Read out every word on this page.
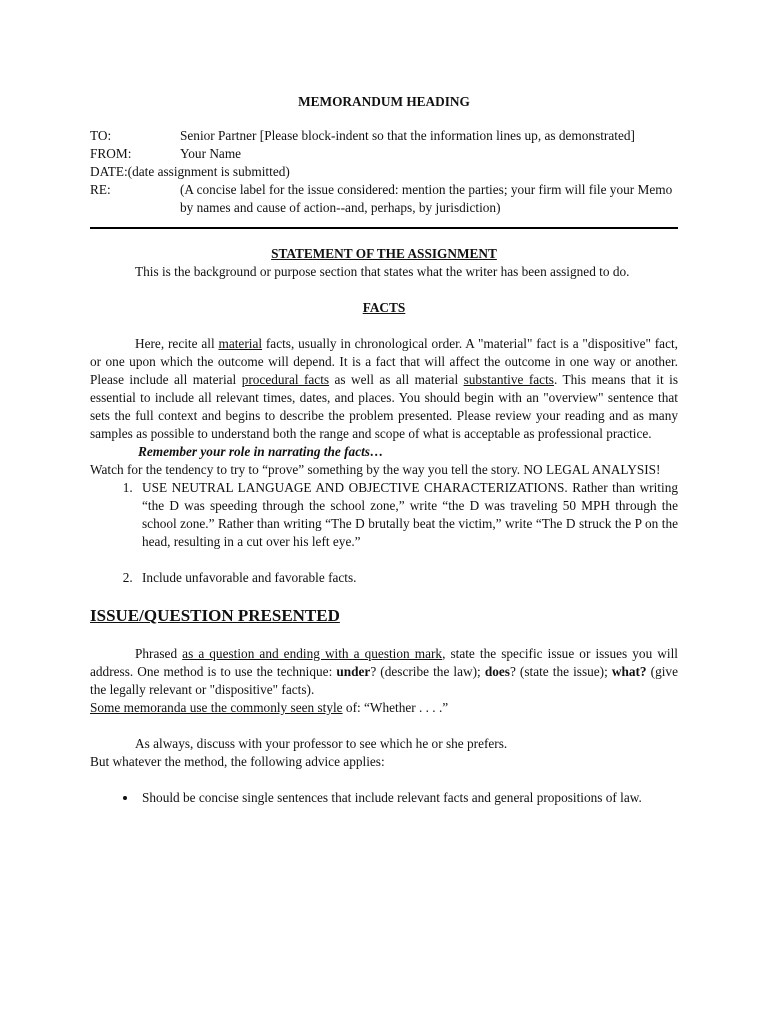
MEMORANDUM HEADING

TO:	Senior Partner [Please block-indent so that the information lines up, as demonstrated]

FROM:	Your Name

DATE:(date assignment is submitted)

RE:	(A concise label for the issue considered: mention the parties; your firm will file your Memo by names and cause of action--and, perhaps, by jurisdiction)

STATEMENT OF THE ASSIGNMENT

This is the background or purpose section that states what the writer has been assigned to do.

FACTS

Here, recite all material facts, usually in chronological order. A "material" fact is a "dispositive" fact, or one upon which the outcome will depend. It is a fact that will affect the outcome in one way or another. Please include all material procedural facts as well as all material substantive facts. This means that it is essential to include all relevant times, dates, and places. You should begin with an "overview" sentence that sets the full context and begins to describe the problem presented. Please review your reading and as many samples as possible to understand both the range and scope of what is acceptable as professional practice.

Remember your role in narrating the facts…

Watch for the tendency to try to “prove” something by the way you tell the story. NO LEGAL ANALYSIS!

1. USE NEUTRAL LANGUAGE AND OBJECTIVE CHARACTERIZATIONS. Rather than writing “the D was speeding through the school zone,” write “the D was traveling 50 MPH through the school zone.” Rather than writing “The D brutally beat the victim,” write “The D struck the P on the head, resulting in a cut over his left eye.”
2. Include unfavorable and favorable facts.

ISSUE/QUESTION PRESENTED

Phrased as a question and ending with a question mark, state the specific issue or issues you will address. One method is to use the technique: under? (describe the law); does? (state the issue); what? (give the legally relevant or "dispositive" facts).

Some memoranda use the commonly seen style of: “Whether . . . .”

As always, discuss with your professor to see which he or she prefers.

But whatever the method, the following advice applies:

• Should be concise single sentences that include relevant facts and general propositions of law.
